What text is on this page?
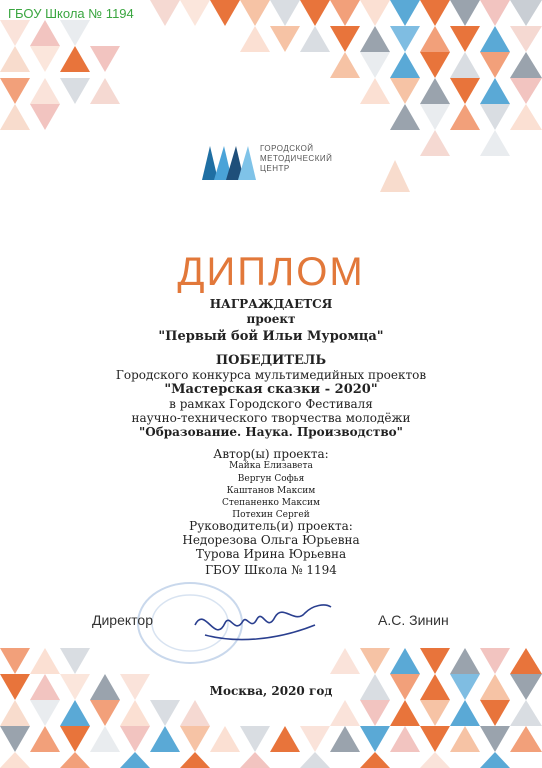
ГБОУ Школа № 1194
ГОРОДСКОЙ
МЕТОДИЧЕСКИЙ
ЦЕНТР
ДИПЛОМ
НАГРАЖДАЕТСЯ
проект
"Первый бой Ильи Муромца"
ПОБЕДИТЕЛЬ
Городского конкурса мультимедийных проектов
"Мастерская сказки - 2020"
в рамках Городского Фестиваля
научно-технического творчества молодёжи
"Образование. Наука. Производство"
Автор(ы) проекта:
Майка Елизавета
Вергун Софья
Каштанов Максим
Степаненко Максим
Потехин Сергей
Руководитель(и) проекта:
Недорезова Ольга Юрьевна
Турова Ирина Юрьевна
ГБОУ Школа № 1194
Директор	А.С. Зинин
Москва, 2020 год
